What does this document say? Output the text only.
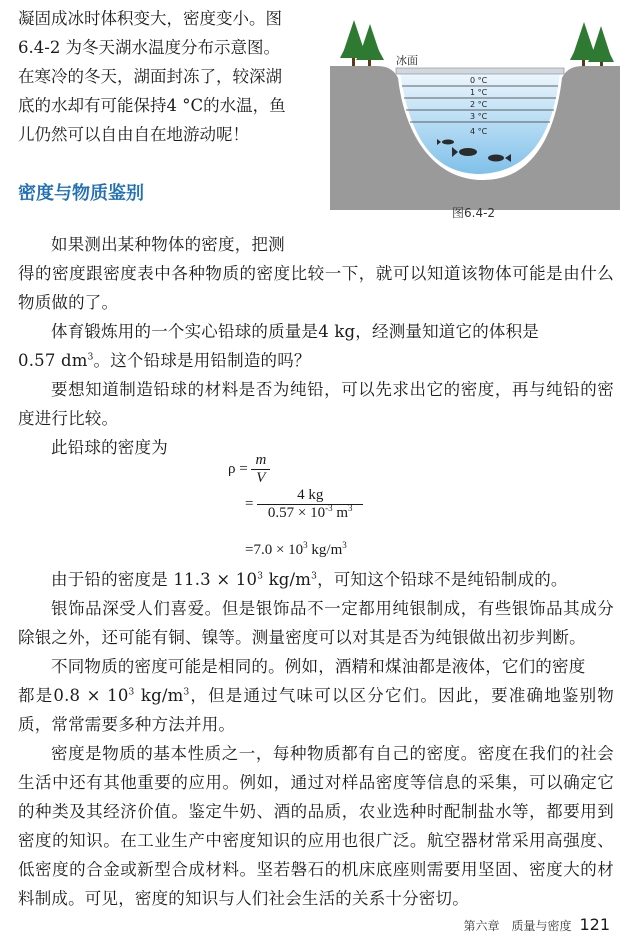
凝固成冰时体积变大，密度变小。图
6.4-2 为冬天湖水温度分布示意图。
在寒冷的冬天，湖面封冻了，较深湖
底的水却有可能保持4 °C的水温，鱼
儿仍然可以自由自在地游动呢！
冰面
0 °C
1 °C
2 °C
3 °C
4 °C
图6.4-2
密度与物质鉴别

如果测出某种物体的密度，把测

得的密度跟密度表中各种物质的密度比较一下，就可以知道该物体可能是由什么物质做的了。

体育锻炼用的一个实心铅球的质量是4 kg，经测量知道它的体积是

0.57 $dm^3$。这个铅球是用铅制造的吗？

要想知道制造铅球的材料是否为纯铅，可以先求出它的密度，再与纯铅的密度进行比较。

此铅球的密度为

$\rho = \frac{m}{V}$
= $\frac{4 kg}{0.57 \times 10^{-3} m^3}$
$=7.0 \times 10^3$ $kg/m^3$

由于铅的密度是 $11.3 \times 10^3$ $kg/m^3$，可知这个铅球不是纯铅制成的。

银饰品深受人们喜爱。但是银饰品不一定都用纯银制成，有些银饰品其成分除银之外，还可能有铜、镍等。测量密度可以对其是否为纯银做出初步判断。

不同物质的密度可能是相同的。例如，酒精和煤油都是液体，它们的密度

都是$0.8 \times 10^3$ $kg/m^3$，但是通过气味可以区分它们。因此，要准确地鉴别物质，常常需要多种方法并用。

密度是物质的基本性质之一，每种物质都有自己的密度。密度在我们的社会生活中还有其他重要的应用。例如，通过对样品密度等信息的采集，可以确定它的种类及其经济价值。鉴定牛奶、酒的品质，农业选种时配制盐水等，都要用到密度的知识。在工业生产中密度知识的应用也很广泛。航空器材常采用高强度、低密度的合金或新型合成材料。坚若磐石的机床底座则需要用坚固、密度大的材料制成。可见，密度的知识与人们社会生活的关系十分密切。

第六章　质量与密度 121
